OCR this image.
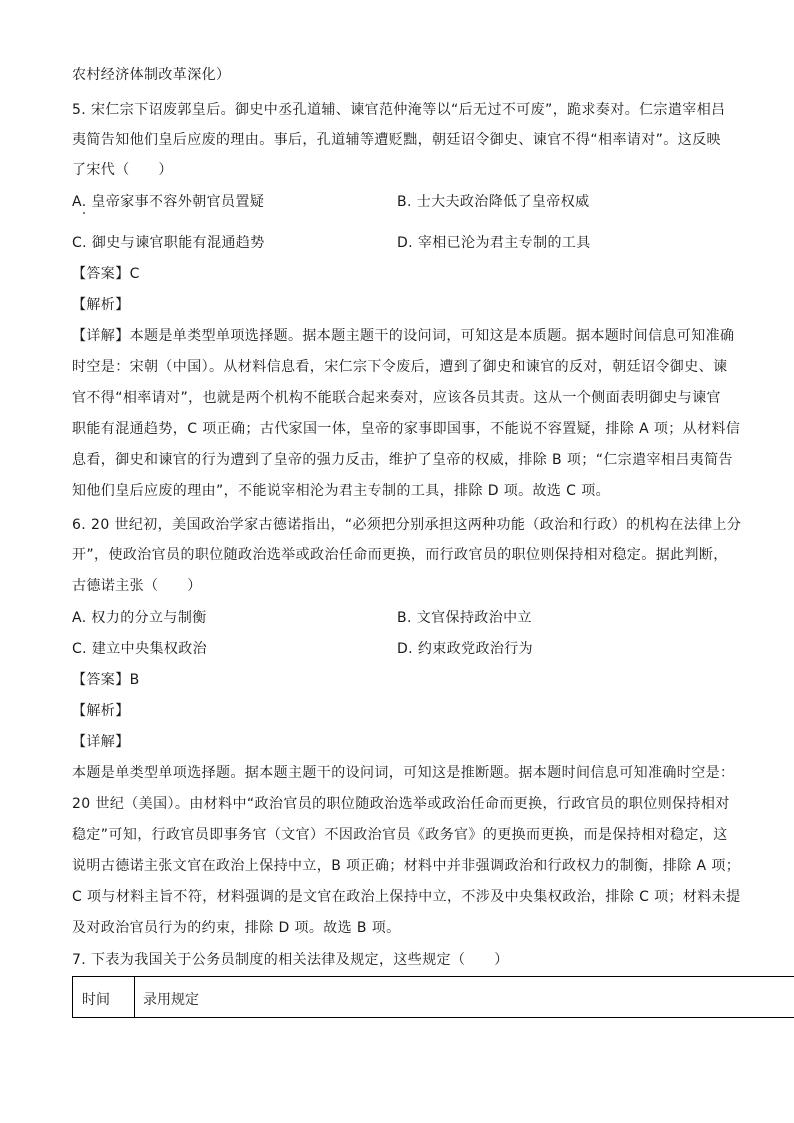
农村经济体制改革深化）
5. 宋仁宗下诏废郭皇后。御史中丞孔道辅、谏官范仲淹等以“后无过不可废”，跪求奏对。仁宗遣宰相吕
夷简告知他们皇后应废的理由。事后，孔道辅等遭贬黜，朝廷诏令御史、谏官不得“相率请对”。这反映
了宋代（　　）
A. 皇帝家事不容外朝官员置疑	B. 士大夫政治降低了皇帝权威
C. 御史与谏官职能有混通趋势	D. 宰相已沦为君主专制的工具
【答案】C
【解析】
【详解】本题是单类型单项选择题。据本题主题干的设问词，可知这是本质题。据本题时间信息可知准确
时空是：宋朝（中国）。从材料信息看，宋仁宗下令废后，遭到了御史和谏官的反对，朝廷诏令御史、谏
官不得“相率请对”，也就是两个机构不能联合起来奏对，应该各员其责。这从一个侧面表明御史与谏官
职能有混通趋势，C 项正确；古代家国一体，皇帝的家事即国事，不能说不容置疑，排除 A 项；从材料信
息看，御史和谏官的行为遭到了皇帝的强力反击，维护了皇帝的权威，排除 B 项；“仁宗遣宰相吕夷简告
知他们皇后应废的理由”，不能说宰相沦为君主专制的工具，排除 D 项。故选 C 项。
6. 20 世纪初，美国政治学家古德诺指出，“必须把分别承担这两种功能（政治和行政）的机构在法律上分
开”，使政治官员的职位随政治选举或政治任命而更换，而行政官员的职位则保持相对稳定。据此判断，
古德诺主张（　　）
A. 权力的分立与制衡	B. 文官保持政治中立
C. 建立中央集权政治	D. 约束政党政治行为
【答案】B
【解析】
【详解】
本题是单类型单项选择题。据本题主题干的设问词，可知这是推断题。据本题时间信息可知准确时空是：
20 世纪（美国）。由材料中“政治官员的职位随政治选举或政治任命而更换，行政官员的职位则保持相对
稳定”可知，行政官员即事务官（文官）不因政治官员《政务官》的更换而更换，而是保持相对稳定，这
说明古德诺主张文官在政治上保持中立，B 项正确；材料中并非强调政治和行政权力的制衡，排除 A 项；
C 项与材料主旨不符，材料强调的是文官在政治上保持中立，不涉及中央集权政治，排除 C 项；材料未提
及对政治官员行为的约束，排除 D 项。故选 B 项。
7. 下表为我国关于公务员制度的相关法律及规定，这些规定（　　）
时间	录用规定
